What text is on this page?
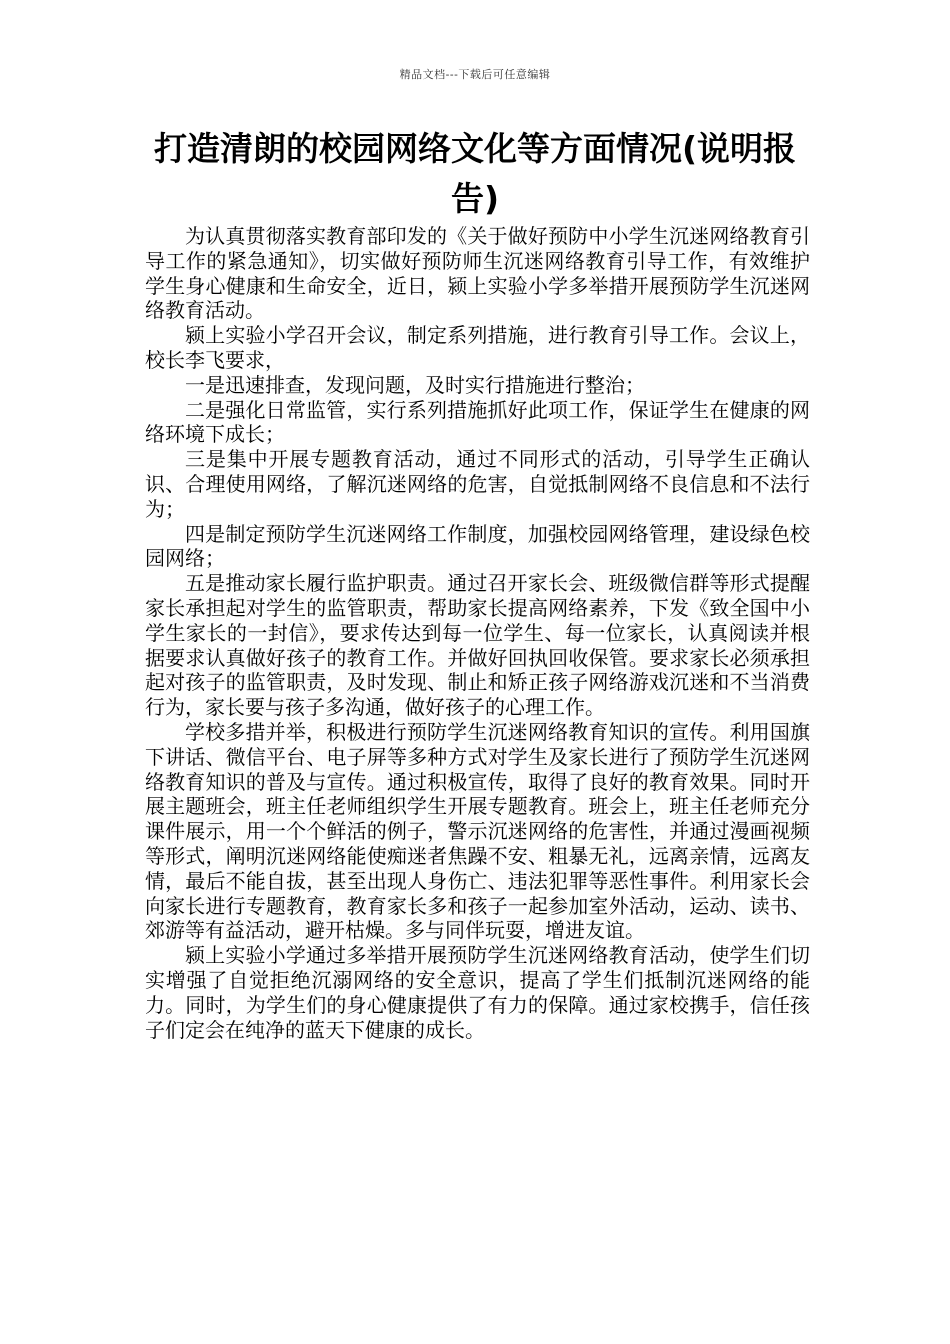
精品文档---下载后可任意编辑
打造清朗的校园网络文化等方面情况(说明报告)

为认真贯彻落实教育部印发的《关于做好预防中小学生沉迷网络教育引导工作的紧急通知》，切实做好预防师生沉迷网络教育引导工作，有效维护学生身心健康和生命安全，近日，颍上实验小学多举措开展预防学生沉迷网络教育活动。

颍上实验小学召开会议，制定系列措施，进行教育引导工作。会议上，校长李飞要求，

一是迅速排查，发现问题，及时实行措施进行整治；

二是强化日常监管，实行系列措施抓好此项工作，保证学生在健康的网络环境下成长；

三是集中开展专题教育活动，通过不同形式的活动，引导学生正确认识、合理使用网络，了解沉迷网络的危害，自觉抵制网络不良信息和不法行为；

四是制定预防学生沉迷网络工作制度，加强校园网络管理，建设绿色校园网络；

五是推动家长履行监护职责。通过召开家长会、班级微信群等形式提醒家长承担起对学生的监管职责，帮助家长提高网络素养，下发《致全国中小学生家长的一封信》，要求传达到每一位学生、每一位家长，认真阅读并根据要求认真做好孩子的教育工作。并做好回执回收保管。要求家长必须承担起对孩子的监管职责，及时发现、制止和矫正孩子网络游戏沉迷和不当消费行为，家长要与孩子多沟通，做好孩子的心理工作。

学校多措并举，积极进行预防学生沉迷网络教育知识的宣传。利用国旗下讲话、微信平台、电子屏等多种方式对学生及家长进行了预防学生沉迷网络教育知识的普及与宣传。通过积极宣传，取得了良好的教育效果。同时开展主题班会，班主任老师组织学生开展专题教育。班会上，班主任老师充分课件展示，用一个个鲜活的例子，警示沉迷网络的危害性，并通过漫画视频等形式，阐明沉迷网络能使痴迷者焦躁不安、粗暴无礼，远离亲情，远离友情，最后不能自拔，甚至出现人身伤亡、违法犯罪等恶性事件。利用家长会向家长进行专题教育，教育家长多和孩子一起参加室外活动，运动、读书、郊游等有益活动，避开枯燥。多与同伴玩耍，增进友谊。

颍上实验小学通过多举措开展预防学生沉迷网络教育活动，使学生们切实增强了自觉拒绝沉溺网络的安全意识，提高了学生们抵制沉迷网络的能力。同时，为学生们的身心健康提供了有力的保障。通过家校携手，信任孩子们定会在纯净的蓝天下健康的成长。
